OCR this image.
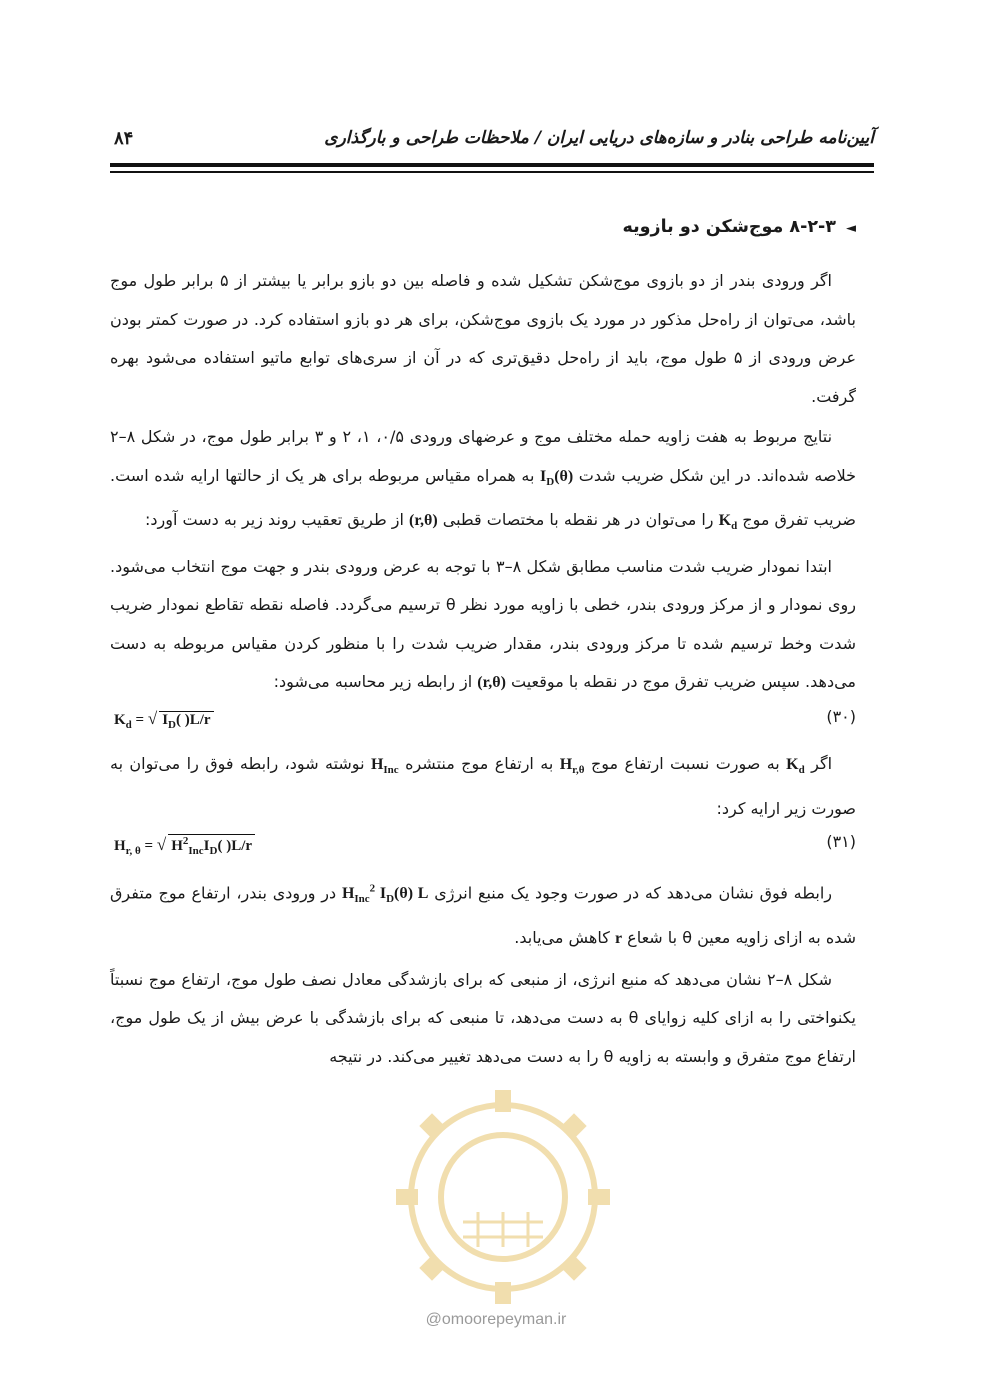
آیین‌نامه طراحی بنادر و سازه‌های دریایی ایران / ملاحظات طراحی و بارگذاری
۸۴
◄۸-۲-۳ موج‌شکن دو بازویه

اگر ورودی بندر از دو بازوی موج‌شکن تشکیل شده و فاصله بین دو بازو برابر یا بیشتر از ۵ برابر طول موج باشد، می‌توان از راه‌حل مذکور در مورد یک بازوی موج‌شکن، برای هر دو بازو استفاده کرد. در صورت کمتر بودن عرض ورودی از ۵ طول موج، باید از راه‌حل دقیق‌تری که در آن از سری‌های توابع ماتیو استفاده می‌شود بهره گرفت.

نتایج مربوط به هفت زاویه حمله مختلف موج و عرضهای ورودی ۰/۵، ۱، ۲ و ۳ برابر طول موج، در شکل ۸–۲ خلاصه شده‌اند. در این شکل ضریب شدت $I_D(\theta)$ به همراه مقیاس مربوطه برای هر یک از حالتها ارایه شده است. ضریب تفرق موج $K_d$ را می‌توان در هر نقطه با مختصات قطبی (r,θ) از طریق تعقیب روند زیر به دست آورد:

ابتدا نمودار ضریب شدت مناسب مطابق شکل ۸–۳ با توجه به عرض ورودی بندر و جهت موج انتخاب می‌شود. روی نمودار و از مرکز ورودی بندر، خطی با زاویه مورد نظر θ ترسیم می‌گردد. فاصله نقطه تقاطع نمودار ضریب شدت وخط ترسیم شده تا مرکز ورودی بندر، مقدار ضریب شدت را با منظور کردن مقیاس مربوطه به دست می‌دهد. سپس ضریب تفرق موج در نقطه با موقعیت (r,θ) از رابطه زیر محاسبه می‌شود:

$K_d$ = √ $I_D$( )L/r	(۳۰)

اگر $K_d$ به صورت نسبت ارتفاع موج $H_{r,\theta}$ به ارتفاع موج منتشره $H_{Inc}$ نوشته شود، رابطه فوق را می‌توان به صورت زیر ارایه کرد:

$H_{r, \theta}$ = √ $H^2_{Inc}I_D$( )L/r	(۳۱)

رابطه فوق نشان می‌دهد که در صورت وجود یک منبع انرژی $H_{Inc}^2$ $I_D(\theta)$ L در ورودی بندر، ارتفاع موج متفرق شده به ازای زاویه معین θ با شعاع r کاهش می‌یابد.

شکل ۸–۲ نشان می‌دهد که منبع انرژی، از منبعی که برای بازشدگی معادل نصف طول موج، ارتفاع موج نسبتاً یکنواختی را به ازای کلیه زوایای θ به دست می‌دهد، تا منبعی که برای بازشدگی با عرض بیش از یک طول موج، ارتفاع موج متفرق و وابسته به زاویه θ را به دست می‌دهد تغییر می‌کند. در نتیجه

@omoorepeyman.ir
